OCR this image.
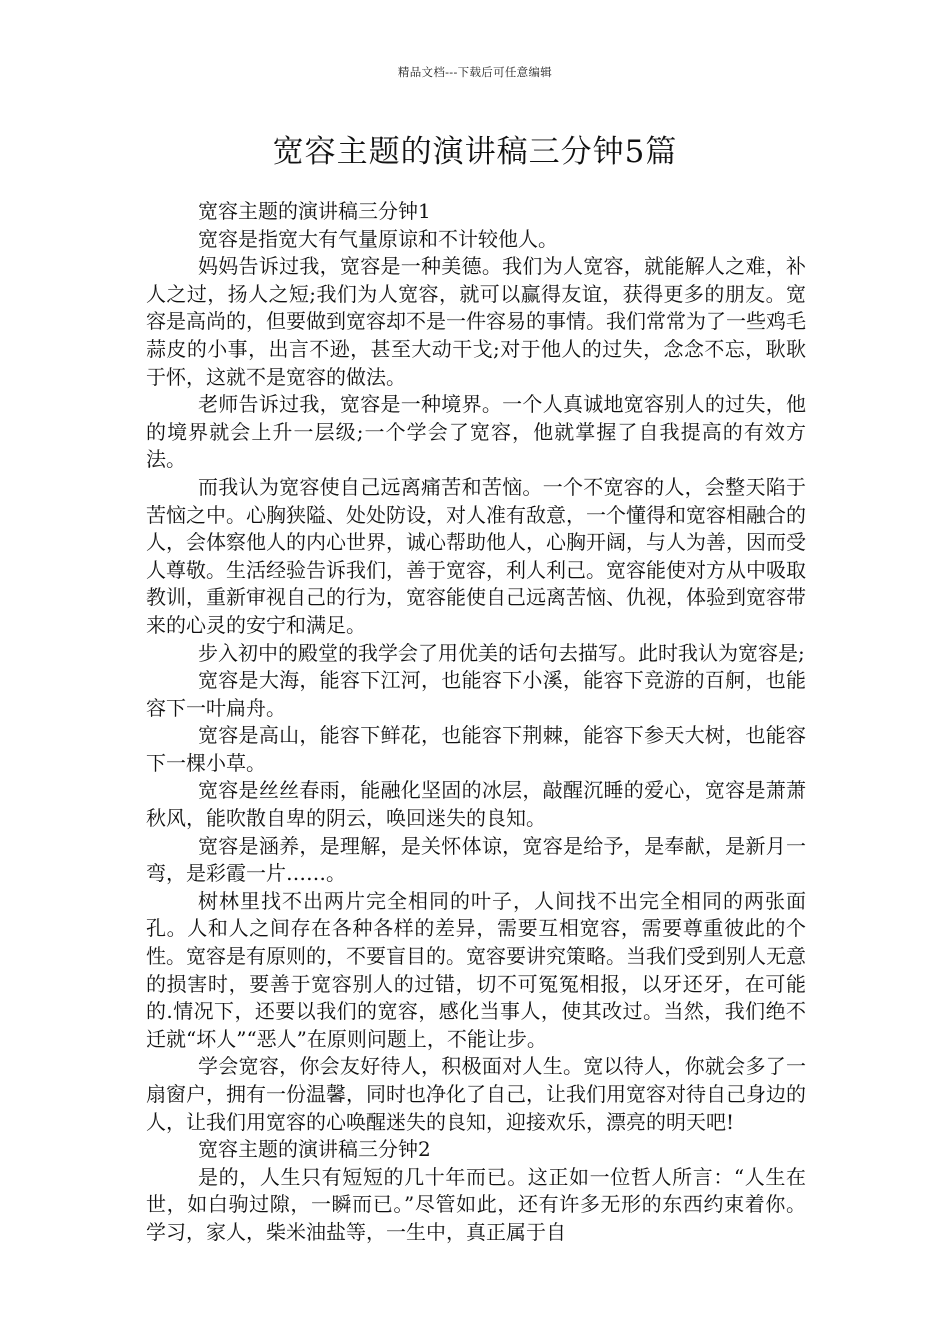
精品文档---下载后可任意编辑
宽容主题的演讲稿三分钟5篇

宽容主题的演讲稿三分钟1

宽容是指宽大有气量原谅和不计较他人。

妈妈告诉过我，宽容是一种美德。我们为人宽容，就能解人之难，补人之过，扬人之短;我们为人宽容，就可以赢得友谊，获得更多的朋友。宽容是高尚的，但要做到宽容却不是一件容易的事情。我们常常为了一些鸡毛蒜皮的小事，出言不逊，甚至大动干戈;对于他人的过失，念念不忘，耿耿于怀，这就不是宽容的做法。

老师告诉过我，宽容是一种境界。一个人真诚地宽容别人的过失，他的境界就会上升一层级;一个学会了宽容，他就掌握了自我提高的有效方法。

而我认为宽容使自己远离痛苦和苦恼。一个不宽容的人，会整天陷于苦恼之中。心胸狭隘、处处防设，对人准有敌意，一个懂得和宽容相融合的人，会体察他人的内心世界，诚心帮助他人，心胸开阔，与人为善，因而受人尊敬。生活经验告诉我们，善于宽容，利人利己。宽容能使对方从中吸取教训，重新审视自己的行为，宽容能使自己远离苦恼、仇视，体验到宽容带来的心灵的安宁和满足。

步入初中的殿堂的我学会了用优美的话句去描写。此时我认为宽容是;

宽容是大海，能容下江河，也能容下小溪，能容下竞游的百舸，也能容下一叶扁舟。

宽容是高山，能容下鲜花，也能容下荆棘，能容下参天大树，也能容下一棵小草。

宽容是丝丝春雨，能融化坚固的冰层，敲醒沉睡的爱心，宽容是萧萧秋风，能吹散自卑的阴云，唤回迷失的良知。

宽容是涵养，是理解，是关怀体谅，宽容是给予，是奉献，是新月一弯，是彩霞一片……。

树林里找不出两片完全相同的叶子，人间找不出完全相同的两张面孔。人和人之间存在各种各样的差异，需要互相宽容，需要尊重彼此的个性。宽容是有原则的，不要盲目的。宽容要讲究策略。当我们受到别人无意的损害时，要善于宽容别人的过错，切不可冤冤相报，以牙还牙，在可能的.情况下，还要以我们的宽容，感化当事人，使其改过。当然，我们绝不迁就“坏人”“恶人”在原则问题上，不能让步。

学会宽容，你会友好待人，积极面对人生。宽以待人，你就会多了一扇窗户，拥有一份温馨，同时也净化了自己，让我们用宽容对待自己身边的人，让我们用宽容的心唤醒迷失的良知，迎接欢乐，漂亮的明天吧!

宽容主题的演讲稿三分钟2

是的，人生只有短短的几十年而已。这正如一位哲人所言：“人生在世，如白驹过隙，一瞬而已。”尽管如此，还有许多无形的东西约束着你。学习，家人，柴米油盐等，一生中，真正属于自
